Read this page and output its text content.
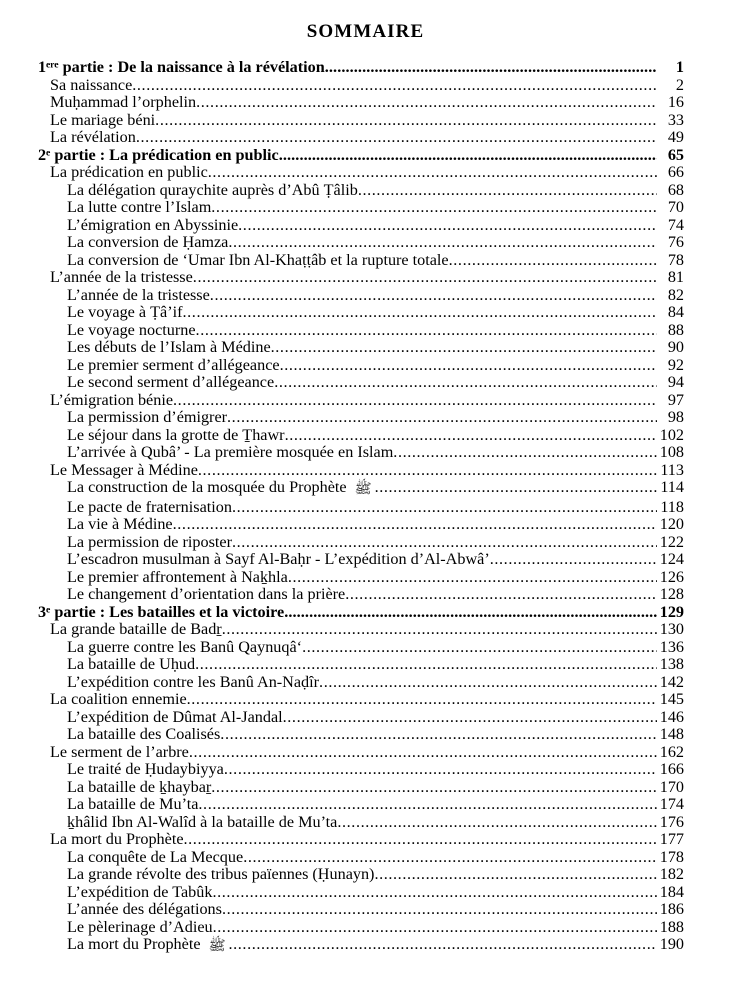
SOMMAIRE
1ᵉʳᵉ partie : De la naissance à la révélation .....	1
Sa naissance .....	2
Muḥammad l’orphelin .....	16
Le mariage béni .....	33
La révélation .....	49
2ᵉ partie : La prédication en public .....	65
La prédication en public .....	66
La délégation quraychite auprès d’Abû Ṭâlib .....	68
La lutte contre l’Islam .....	70
L’émigration en Abyssinie .....	74
La conversion de Ḥamza .....	76
La conversion de ‘Umar Ibn Al-Khaṭṭâb et la rupture totale .....	78
L’année de la tristesse .....	81
L’année de la tristesse .....	82
Le voyage à Ṭâ’if .....	84
Le voyage nocturne .....	88
Les débuts de l’Islam à Médine .....	90
Le premier serment d’allégeance .....	92
Le second serment d’allégeance .....	94
L’émigration bénie .....	97
La permission d’émigrer .....	98
Le séjour dans la grotte de Ṯhawr .....	102
L’arrivée à Qubâ’ - La première mosquée en Islam .....	108
Le Messager à Médine .....	113
La construction de la mosquée du Prophète ﷺ .....	114
Le pacte de fraternisation .....	118
La vie à Médine .....	120
La permission de riposter .....	122
L’escadron musulman à Sayf Al-Baḥr - L’expédition d’Al-Abwâ’ .....	124
Le premier affrontement à Naḵhla .....	126
Le changement d’orientation dans la prière .....	128
3ᵉ partie : Les batailles et la victoire .....	129
La grande bataille de Badṟ .....	130
La guerre contre les Banû Qaynuqâ‘ .....	136
La bataille de Uḥud .....	138
L’expédition contre les Banû An-Naḍîr .....	142
La coalition ennemie .....	145
L’expédition de Dûmat Al-Jandal .....	146
La bataille des Coalisés .....	148
Le serment de l’arbre .....	162
Le traité de Ḥudaybiyya .....	166
La bataille de ḵhaybaṟ .....	170
La bataille de Mu’ta .....	174
ḵhâlid Ibn Al-Walîd à la bataille de Mu’ta .....	176
La mort du Prophète .....	177
La conquête de La Mecque .....	178
La grande révolte des tribus païennes (Ḥunayn) .....	182
L’expédition de Tabûk .....	184
L’année des délégations .....	186
Le pèlerinage d’Adieu .....	188
La mort du Prophète ﷺ .....	190
